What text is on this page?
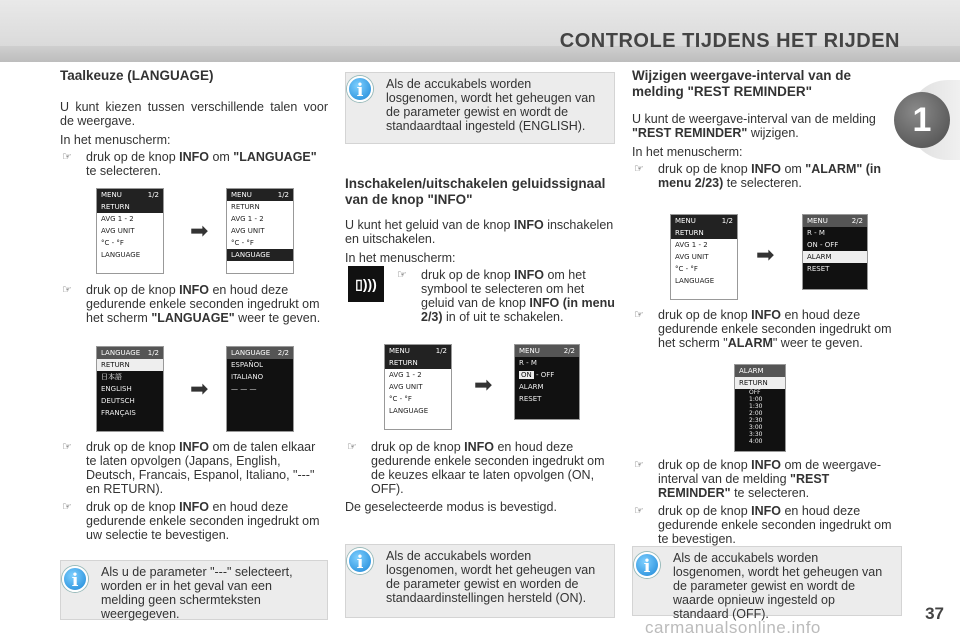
CONTROLE TIJDENS HET RIJDEN
1
Taalkeuze (LANGUAGE)

U kunt kiezen tussen verschillende talen voor de weergave.

In het menuscherm:

☞ druk op de knop INFO om "LANGUAGE" te selecteren.
MENU	1/2
RETURN
AVG
1
-
2
AVG UNIT
°C
-
°F
LANGUAGE
➡
MENU	1/2
RETURN
AVG
1
-
2
AVG UNIT
°C
-
°F
LANGUAGE
☞ druk op de knop INFO en houd deze gedurende enkele seconden ingedrukt om het scherm "LANGUAGE" weer te geven.
LANGUAGE 1/2
RETURN
日本語
ENGLISH
DEUTSCH
FRANÇAIS
➡
LANGUAGE 2/2
ESPAÑOL
ITALIANO
— — —
☞ druk op de knop INFO om de talen elkaar te laten opvolgen (Japans, English, Deutsch, Francais, Espanol, Italiano, "---" en RETURN).
☞ druk op de knop INFO en houd deze gedurende enkele seconden ingedrukt om uw selectie te bevestigen.
Als u de parameter "---" selecteert, worden er in het geval van een melding geen schermteksten weergegeven.
i
Als de accukabels worden losgenomen, wordt het geheugen van de parameter gewist en wordt de standaardtaal ingesteld (ENGLISH).
i
Inschakelen/uitschakelen geluidssignaal van de knop "INFO"

U kunt het geluid van de knop INFO inschakelen en uitschakelen.

In het menuscherm:

☞ druk op de knop INFO om het symbool te selecteren om het geluid van de knop INFO (in menu 2/3) in of uit te schakelen.
▯)))
MENU	1/2
RETURN
AVG
1
-
2
AVG UNIT
°C
-
°F
LANGUAGE
➡
MENU	2/2
R
-
M
ON
-
OFF
ALARM
RESET
☞ druk op de knop INFO en houd deze gedurende enkele seconden ingedrukt om de keuzes elkaar te laten opvolgen (ON, OFF).

De geselecteerde modus is bevestigd.

Als de accukabels worden losgenomen, wordt het geheugen van de parameter gewist en worden de standaardinstellingen hersteld (ON).
i
Wijzigen weergave-interval van de melding "REST REMINDER"

U kunt de weergave-interval van de melding "REST REMINDER" wijzigen.

In het menuscherm:

☞ druk op de knop INFO om "ALARM" (in menu 2/23) te selecteren.
MENU	1/2
RETURN
AVG
1
-
2
AVG UNIT
°C
-
°F
LANGUAGE
➡
MENU	2/2
R
-
M
ON
-
OFF
ALARM
RESET
☞ druk op de knop INFO en houd deze gedurende enkele seconden ingedrukt om het scherm "ALARM" weer te geven.
ALARM
RETURN
OFF
1:00
1:30
2:00
2:30
3:00
3:30
4:00
☞ druk op de knop INFO om de weergave-interval van de melding "REST REMINDER" te selecteren.
☞ druk op de knop INFO en houd deze gedurende enkele seconden ingedrukt om te bevestigen.
Als de accukabels worden losgenomen, wordt het geheugen van de parameter gewist en wordt de waarde opnieuw ingesteld op standaard (OFF).
i
37
carmanualsonline.info
